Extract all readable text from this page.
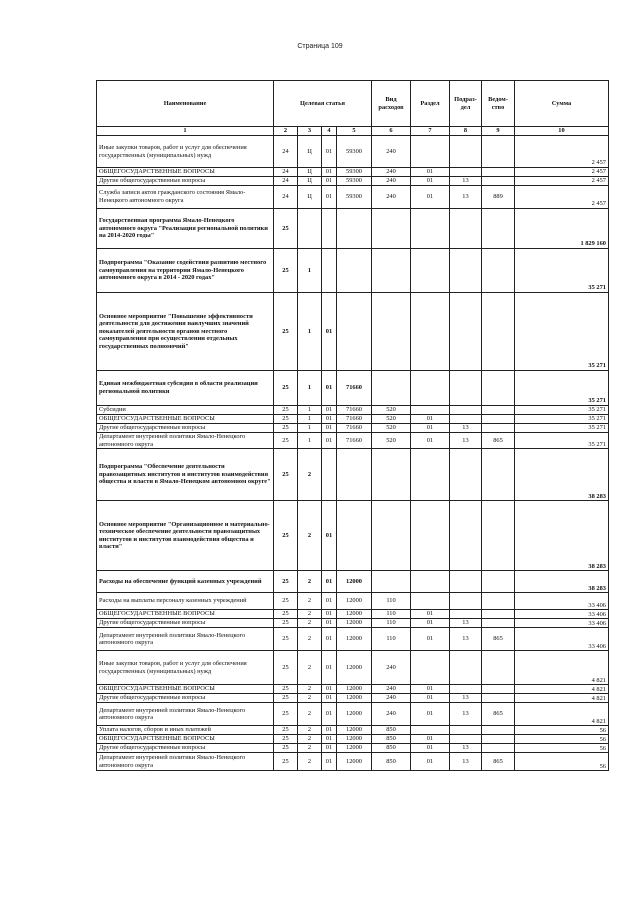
Страница 109
Наименование	Целевая статья				Вид расходов	Раздел	Подраз- дел	Ведом- ство	Сумма
1	2	3	4	5	6	7	8	9	10
Иные закупки товаров, работ и услуг для обеспечения государственных (муниципальных) нужд	24	Ц	01	59300	240				2 457
ОБЩЕГОСУДАРСТВЕННЫЕ ВОПРОСЫ	24	Ц	01	59300	240	01			2 457
Другие общегосударственные вопросы	24	Ц	01	59300	240	01	13		2 457
Служба записи актов гражданского состояния Ямало-Ненецкого автономного округа	24	Ц	01	59300	240	01	13	889	2 457
Государственная программа Ямало-Ненецкого автономного округа "Реализация региональной политики на 2014-2020 годы"	25								1 829 160
Подпрограмма "Оказание содействия развитию местного самоуправления на территории Ямало-Ненецкого автономного округа в 2014 - 2020 годах"	25	1							35 271
Основное мероприятие "Повышение эффективности деятельности для достижения наилучших значений показателей деятельности органов местного самоуправления при осуществлении отдельных государственных полномочий"	25	1	01						35 271
Единая межбюджетная субсидия в области реализации региональной политики	25	1	01	71660					35 271
Субсидии	25	1	01	71660	520				35 271
ОБЩЕГОСУДАРСТВЕННЫЕ ВОПРОСЫ	25	1	01	71660	520	01			35 271
Другие общегосударственные вопросы	25	1	01	71660	520	01	13		35 271
Департамент внутренней политики Ямало-Ненецкого автономного округа	25	1	01	71660	520	01	13	865	35 271
Подпрограмма "Обеспечение деятельности правозащитных институтов и институтов взаимодействия общества и власти в Ямало-Ненецком автономном округе"	25	2							38 283
Основное мероприятие "Организационное и материально-техническое обеспечение деятельности правозащитных институтов и институтов взаимодействия общества и власти"	25	2	01						38 283
Расходы на обеспечение функций казенных учреждений	25	2	01	12000					38 283
Расходы на выплаты персоналу казенных учреждений	25	2	01	12000	110				33 406
ОБЩЕГОСУДАРСТВЕННЫЕ ВОПРОСЫ	25	2	01	12000	110	01			33 406
Другие общегосударственные вопросы	25	2	01	12000	110	01	13		33 406
Департамент внутренней политики Ямало-Ненецкого автономного округа	25	2	01	12000	110	01	13	865	33 406
Иные закупки товаров, работ и услуг для обеспечения государственных (муниципальных) нужд	25	2	01	12000	240				4 821
ОБЩЕГОСУДАРСТВЕННЫЕ ВОПРОСЫ	25	2	01	12000	240	01			4 821
Другие общегосударственные вопросы	25	2	01	12000	240	01	13		4 821
Департамент внутренней политики Ямало-Ненецкого автономного округа	25	2	01	12000	240	01	13	865	4 821
Уплата налогов, сборов и иных платежей	25	2	01	12000	850				56
ОБЩЕГОСУДАРСТВЕННЫЕ ВОПРОСЫ	25	2	01	12000	850	01			56
Другие общегосударственные вопросы	25	2	01	12000	850	01	13		56
Департамент внутренней политики Ямало-Ненецкого автономного округа	25	2	01	12000	850	01	13	865	56
